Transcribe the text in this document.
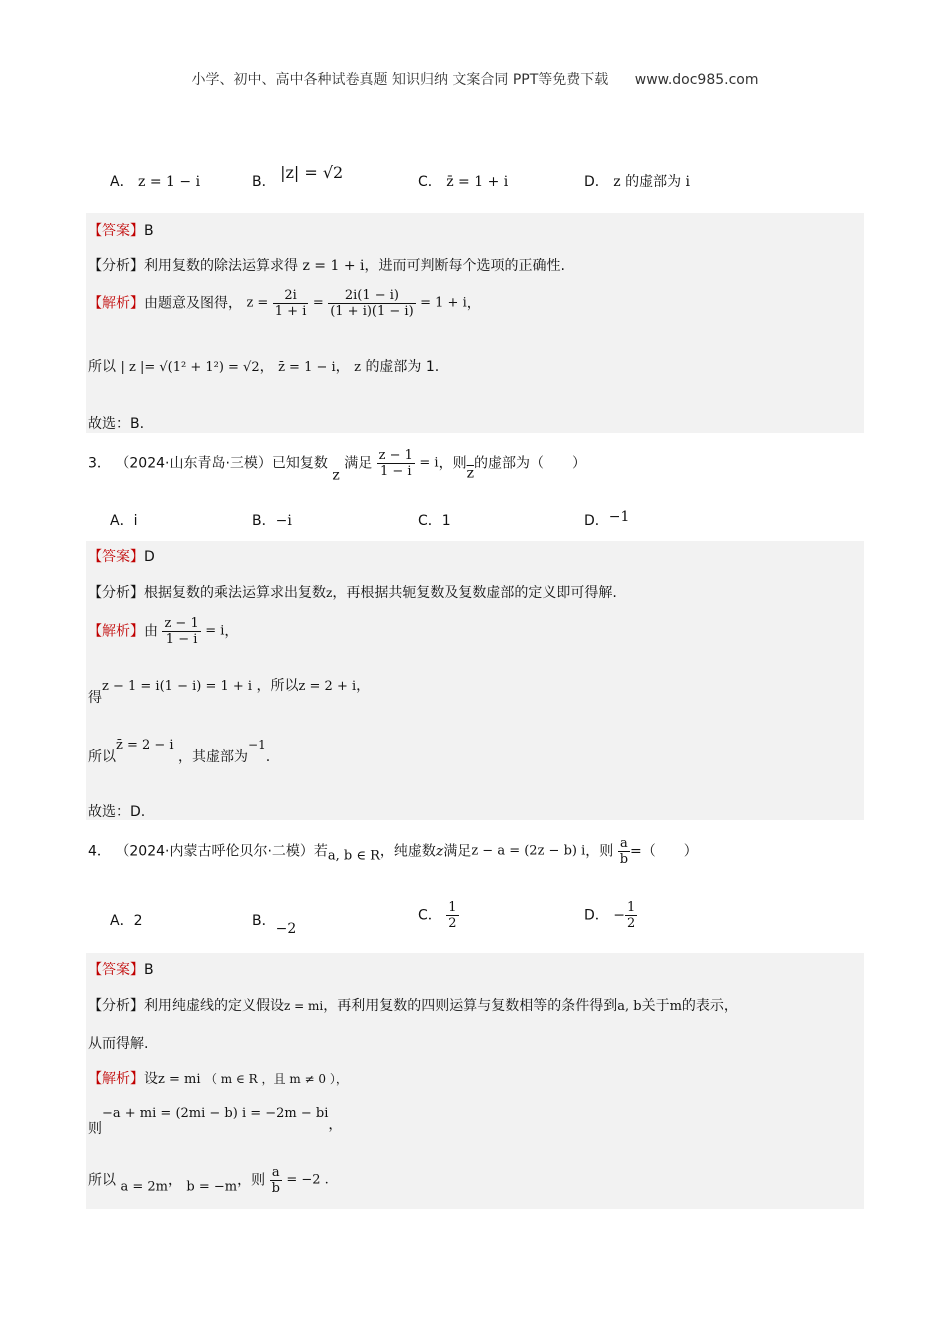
小学、初中、高中各种试卷真题 知识归纳 文案合同 PPT等免费下载 www.doc985.com
A． z = 1 − i	B． |z| = √2	C． z̄ = 1 + i	D． z 的虚部为 i
【答案】B
【分析】利用复数的除法运算求得 z = 1 + i，进而可判断每个选项的正确性.
【解析】由题意及图得， $z = \frac{2i}{1 + i} = \frac{2i(1 - i)}{(1 + i)(1 - i)} = 1 + i$，
所以 | z |= √(1² + 1²) = √2， z̄ = 1 − i， z 的虚部为 1.
故选：B.
3． （2024·山东青岛·三模）已知复数 z 满足 $\frac{z - 1}{1 - i} = i$，则$\overline{z}$的虚部为（　　）
A．i	B．−i	C．1	D．−1
【答案】D
【分析】根据复数的乘法运算求出复数z，再根据共轭复数及复数虚部的定义即可得解.
【解析】由 $\frac{z - 1}{1 - i} = i$，
得z − 1 = i(1 − i) = 1 + i ，所以z = 2 + i，
所以z̄ = 2 − i ，其虚部为−1.
故选：D.
4． （2024·内蒙古呼伦贝尔·二模）若a, b ∈ R，纯虚数z满足z − a = (2z − b) i，则 $\frac{a}{b}$ =（　　）
A．2	B．−2
C． $\frac{1}{2}$	D． − $\frac{1}{2}$
【答案】B
【分析】利用纯虚线的定义假设z = mi，再利用复数的四则运算与复数相等的条件得到a, b关于m的表示，
从而得解.
【解析】设z = mi （ m ∈ R ，且 m ≠ 0 ），
则−a + mi = (2mi − b) i = −2m − bi，
所以 a = 2m， b = −m，则 $\frac{a}{b} = -2$ .
